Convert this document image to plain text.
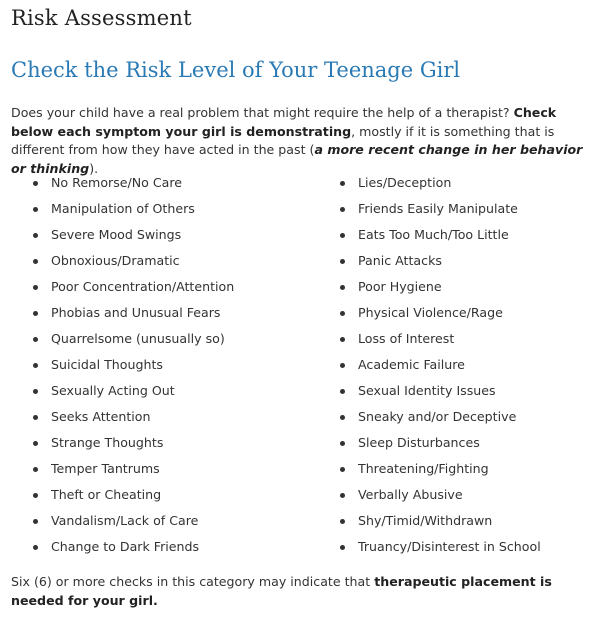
Risk Assessment
Check the Risk Level of Your Teenage Girl

Does your child have a real problem that might require the help of a therapist? Check below each symptom your girl is demonstrating, mostly if it is something that is different from how they have acted in the past (a more recent change in her behavior or thinking).

No Remorse/No Care
Manipulation of Others
Severe Mood Swings
Obnoxious/Dramatic
Poor Concentration/Attention
Phobias and Unusual Fears
Quarrelsome (unusually so)
Suicidal Thoughts
Sexually Acting Out
Seeks Attention
Strange Thoughts
Temper Tantrums
Theft or Cheating
Vandalism/Lack of Care
Change to Dark Friends
Lies/Deception
Friends Easily Manipulate
Eats Too Much/Too Little
Panic Attacks
Poor Hygiene
Physical Violence/Rage
Loss of Interest
Academic Failure
Sexual Identity Issues
Sneaky and/or Deceptive
Sleep Disturbances
Threatening/Fighting
Verbally Abusive
Shy/Timid/Withdrawn
Truancy/Disinterest in School

Six (6) or more checks in this category may indicate that therapeutic placement is needed for your girl.
